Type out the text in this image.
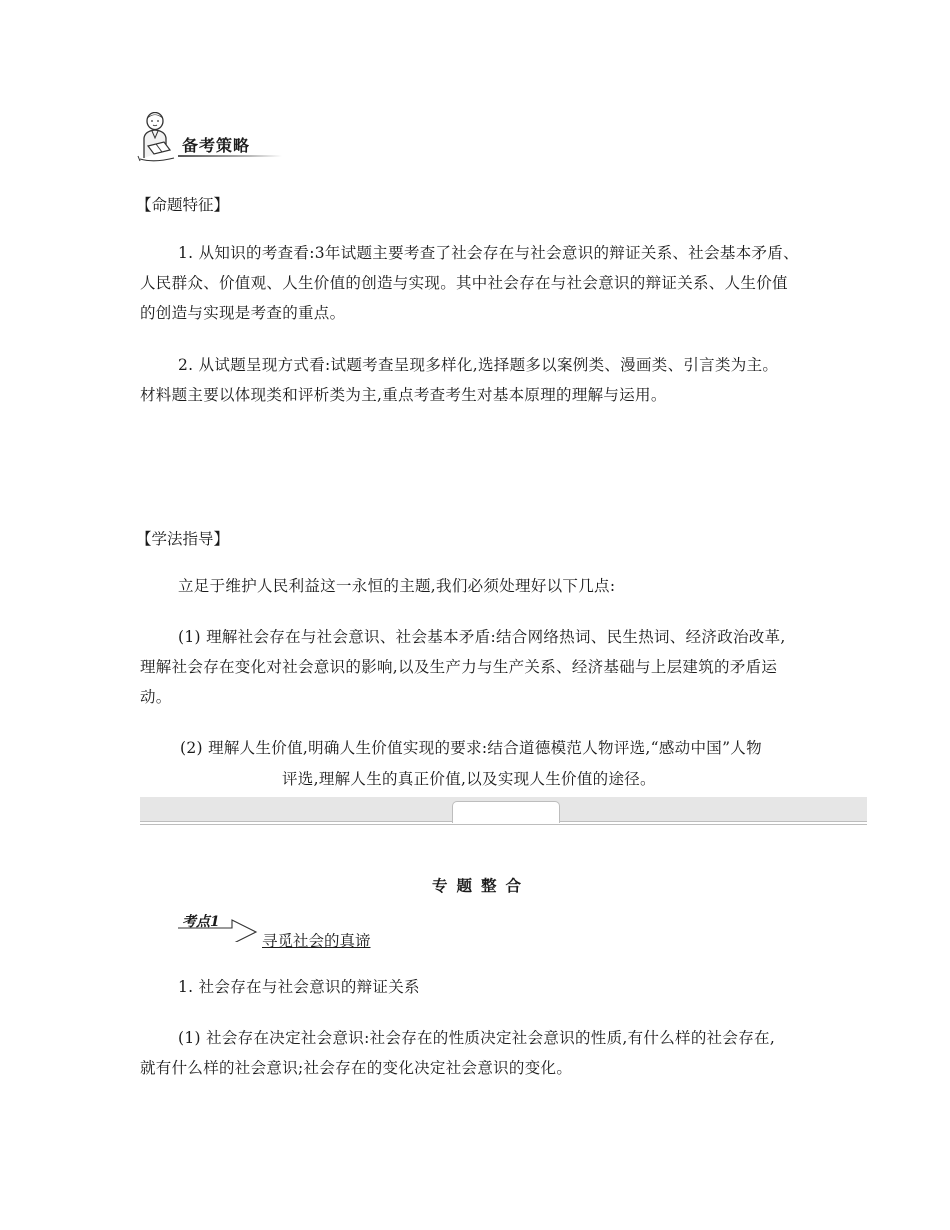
备考策略

【命题特征】

1. 从知识的考查看:3年试题主要考查了社会存在与社会意识的辩证关系、社会基本矛盾、

人民群众、价值观、人生价值的创造与实现。其中社会存在与社会意识的辩证关系、人生价值

的创造与实现是考查的重点。

2. 从试题呈现方式看:试题考查呈现多样化,选择题多以案例类、漫画类、引言类为主。

材料题主要以体现类和评析类为主,重点考查考生对基本原理的理解与运用。

【学法指导】

立足于维护人民利益这一永恒的主题,我们必须处理好以下几点:

(1) 理解社会存在与社会意识、社会基本矛盾:结合网络热词、民生热词、经济政治改革,

理解社会存在变化对社会意识的影响,以及生产力与生产关系、经济基础与上层建筑的矛盾运

动。

(2) 理解人生价值,明确人生价值实现的要求:结合道德模范人物评选,“感动中国”人物

评选,理解人生的真正价值,以及实现人生价值的途径。

专题整合

考点1
寻觅社会的真谛

1. 社会存在与社会意识的辩证关系

(1) 社会存在决定社会意识:社会存在的性质决定社会意识的性质,有什么样的社会存在,

就有什么样的社会意识;社会存在的变化决定社会意识的变化。
